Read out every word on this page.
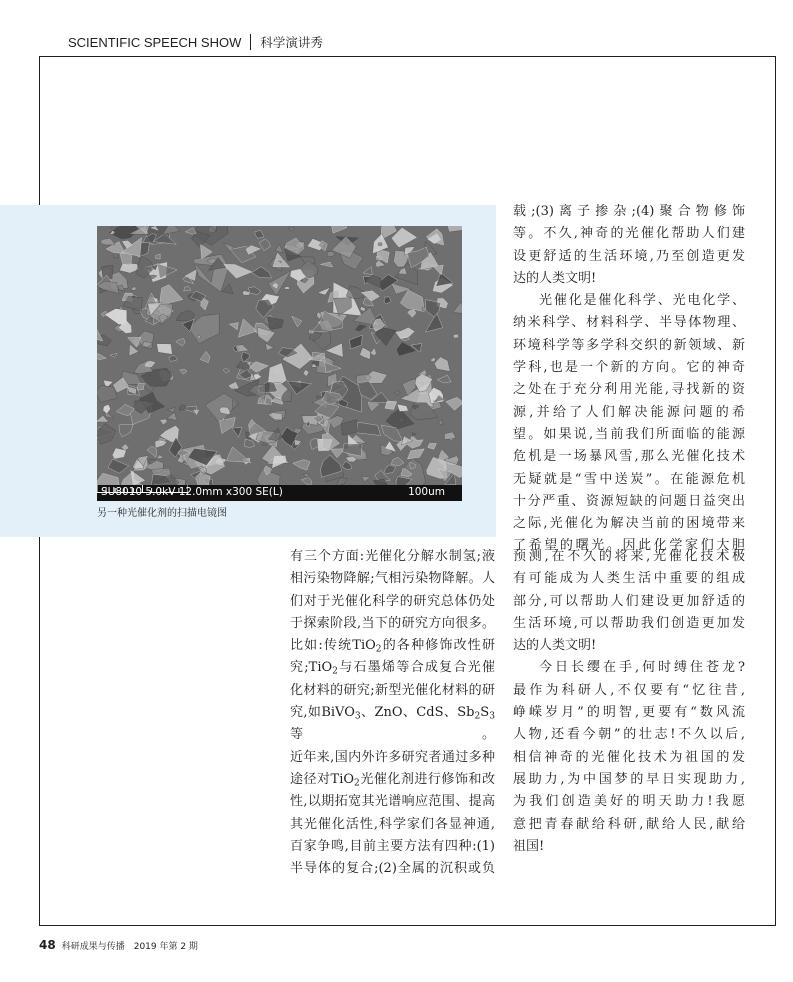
SCIENTIFIC SPEECH SHOW 科学演讲秀
SU8010 5.0kV 12.0mm x300 SE(L)	100um
另一种光催化剂的扫描电镜图

载;(3)离子掺杂;(4)聚合物修饰

等。不久,神奇的光催化帮助人们建

设更舒适的生活环境,乃至创造更发

达的人类文明!

光催化是催化科学、光电化学、

纳米科学、材料科学、半导体物理、

环境科学等多学科交织的新领域、新

学科,也是一个新的方向。它的神奇

之处在于充分利用光能,寻找新的资

源,并给了人们解决能源问题的希

望。如果说,当前我们所面临的能源

危机是一场暴风雪,那么光催化技术

无疑就是“雪中送炭”。在能源危机

十分严重、资源短缺的问题日益突出

之际,光催化为解决当前的困境带来

了希望的曙光。因此化学家们大胆

有三个方面:光催化分解水制氢;液

相污染物降解;气相污染物降解。人

们对于光催化科学的研究总体仍处

于探索阶段,当下的研究方向很多。

比如:传统TiO$_2$的各种修饰改性研

究;TiO$_2$与石墨烯等合成复合光催

化材料的研究;新型光催化材料的研

究,如BiVO$_3$、ZnO、CdS、$Sb_2S_3$等。

近年来,国内外许多研究者通过多种

途径对TiO$_2$光催化剂进行修饰和改

性,以期拓宽其光谱响应范围、提高

其光催化活性,科学家们各显神通,

百家争鸣,目前主要方法有四种:(1)

半导体的复合;(2)全属的沉积或负

预测,在不久的将来,光催化技术极

有可能成为人类生活中重要的组成

部分,可以帮助人们建设更加舒适的

生活环境,可以帮助我们创造更加发

达的人类文明!

今日长缨在手,何时缚住苍龙?

最作为科研人,不仅要有“忆往昔,

峥嵘岁月”的明智,更要有“数风流

人物,还看今朝”的壮志!不久以后,

相信神奇的光催化技术为祖国的发

展助力,为中国梦的早日实现助力,

为我们创造美好的明天助力!我愿

意把青春献给科研,献给人民,献给

祖国!

48 科研成果与传播 2019 年第 2 期
